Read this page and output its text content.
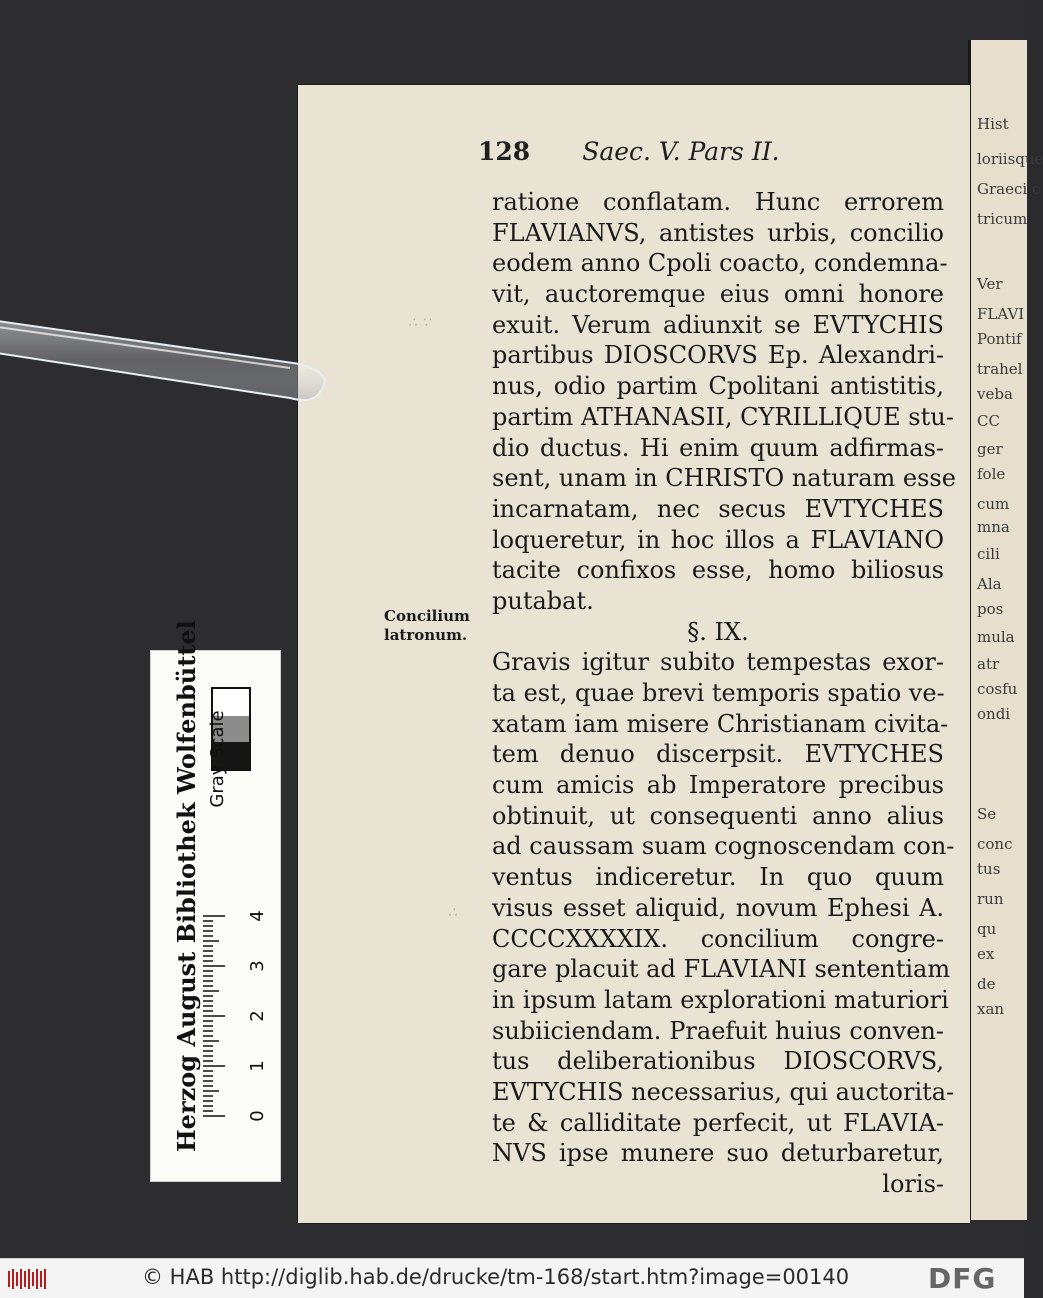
Hist
loriisque
Graeci c
tricum
Ver
FLAVI
Pontif
trahel
veba
CC
ger
fole
cum
mna
cili
Ala
pos
mula
atr
cosfu
ondi
Se
conc
tus
run
qu
ex
de
xan
128 Saec. V. Pars II.
∴ ∵
∴
Concilium
latronum.
ratione conflatam. Hunc errorem
FLAVIANVS, antistes urbis, concilio
eodem anno Cpoli coacto, condemna-
vit, auctoremque eius omni honore
exuit. Verum adiunxit se EVTYCHIS
partibus DIOSCORVS Ep. Alexandri-
nus, odio partim Cpolitani antistitis,
partim ATHANASII, CYRILLIQUE stu-
dio ductus. Hi enim quum adfirmas-
sent, unam in CHRISTO naturam esse
incarnatam, nec secus EVTYCHES
loqueretur, in hoc illos a FLAVIANO
tacite confixos esse, homo biliosus
putabat.
§. IX.
Gravis igitur subito tempestas exor-
ta est, quae brevi temporis spatio ve-
xatam iam misere Christianam civita-
tem denuo discerpsit. EVTYCHES
cum amicis ab Imperatore precibus
obtinuit, ut consequenti anno alius
ad caussam suam cognoscendam con-
ventus indiceretur. In quo quum
visus esset aliquid, novum Ephesi A.
CCCCXXXXIX. concilium congre-
gare placuit ad FLAVIANI sententiam
in ipsum latam explorationi maturiori
subiiciendam. Praefuit huius conven-
tus deliberationibus DIOSCORVS,
EVTYCHIS necessarius, qui auctorita-
te & calliditate perfecit, ut FLAVIA-
NVS ipse munere suo deturbaretur,
loris-
Herzog August Bibliothek Wolfenbüttel Gray Scale
0
1
2
3
4
© HAB http://diglib.hab.de/drucke/tm-168/start.htm?image=00140	DFG
